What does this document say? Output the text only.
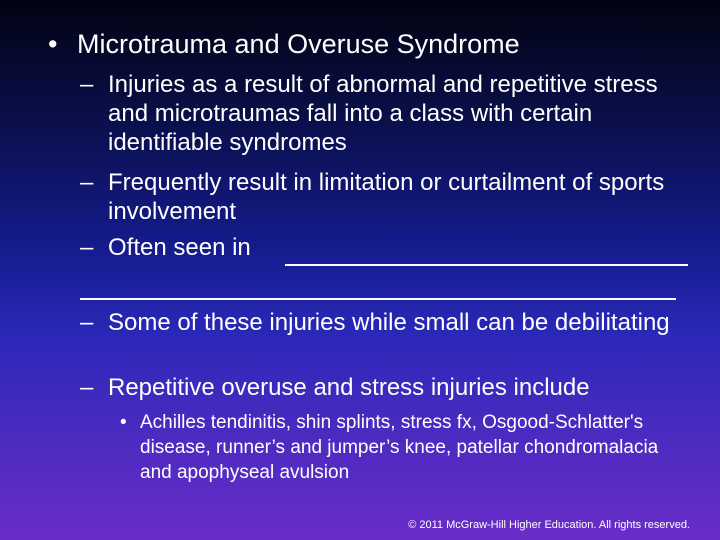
• Microtrauma and Overuse Syndrome
– Injuries as a result of abnormal and repetitive stress and microtraumas fall into a class with certain identifiable syndromes
– Frequently result in limitation or curtailment of sports involvement
– Often seen in
– Some of these injuries while small can be debilitating
– Repetitive overuse and stress injuries include
• Achilles tendinitis, shin splints, stress fx, Osgood-Schlatter's disease, runner’s and jumper’s knee, patellar chondromalacia and apophyseal avulsion
© 2011 McGraw-Hill Higher Education. All rights reserved.
